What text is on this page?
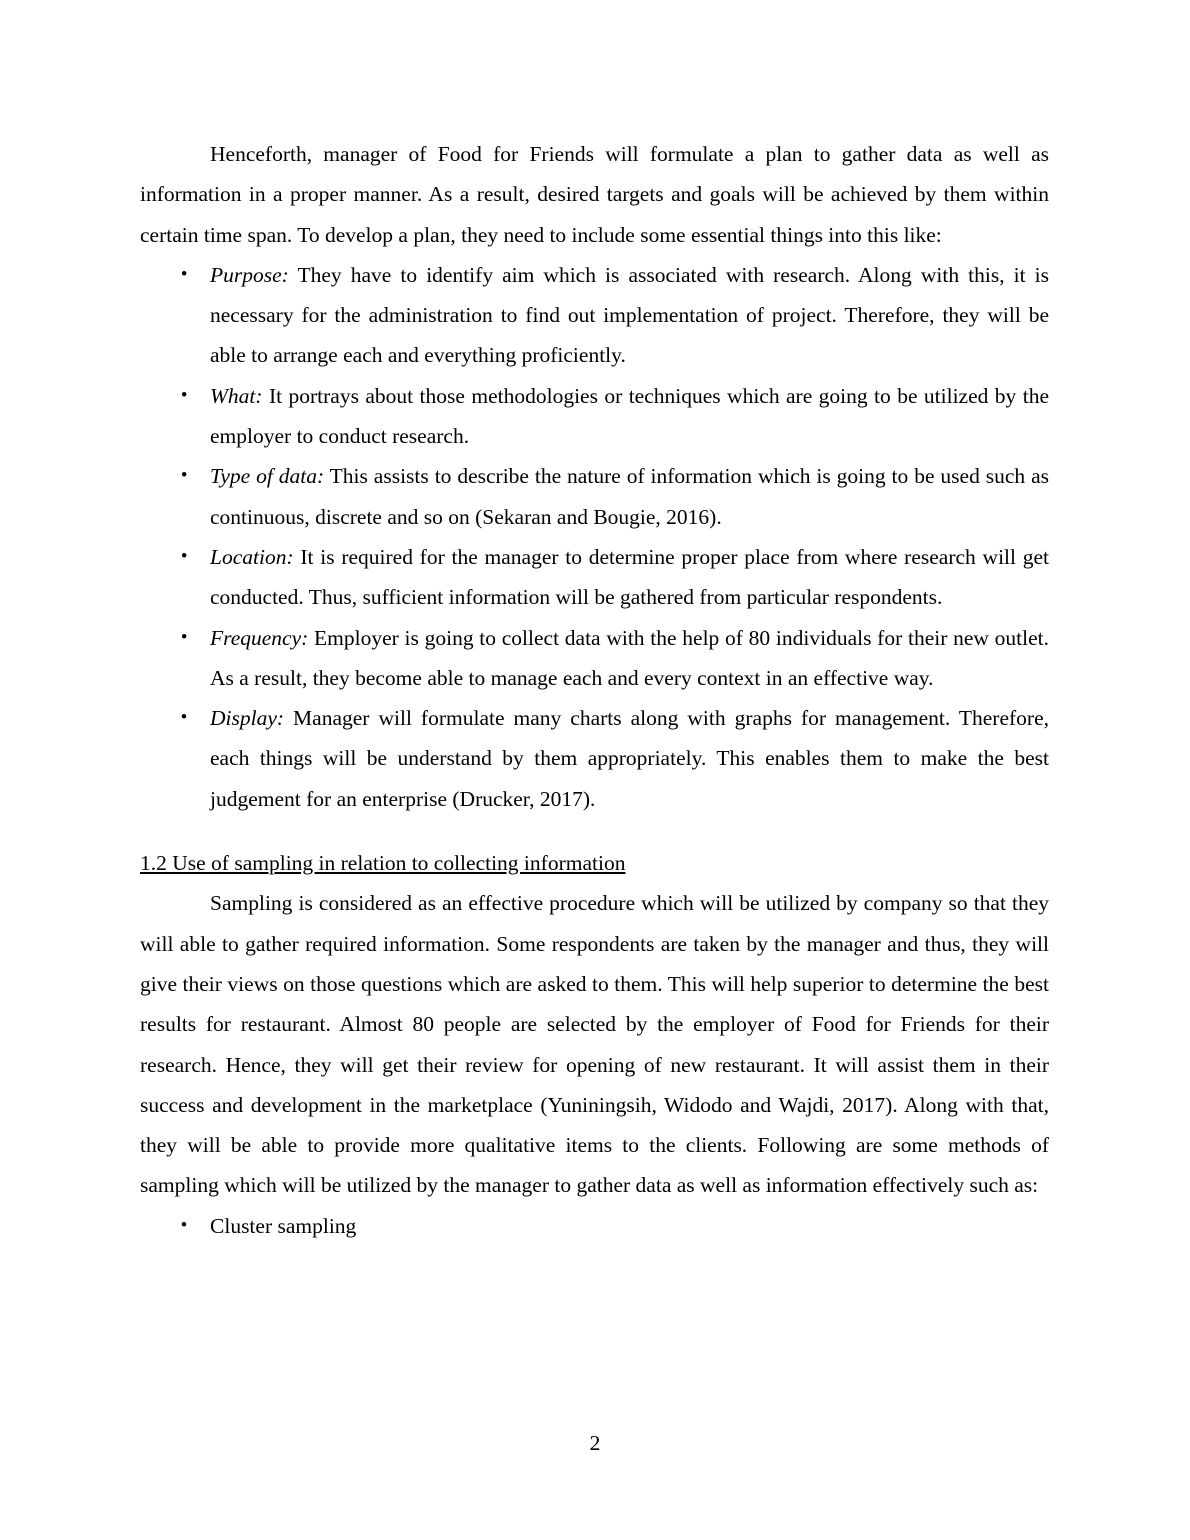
Henceforth, manager of Food for Friends will formulate a plan to gather data as well as information in a proper manner. As a result, desired targets and goals will be achieved by them within certain time span. To develop a plan, they need to include some essential things into this like:

•	Purpose: They have to identify aim which is associated with research. Along with this, it is necessary for the administration to find out implementation of project. Therefore, they will be able to arrange each and everything proficiently.
•	What: It portrays about those methodologies or techniques which are going to be utilized by the employer to conduct research.
•	Type of data: This assists to describe the nature of information which is going to be used such as continuous, discrete and so on (Sekaran and Bougie, 2016).
•	Location: It is required for the manager to determine proper place from where research will get conducted. Thus, sufficient information will be gathered from particular respondents.
•	Frequency: Employer is going to collect data with the help of 80 individuals for their new outlet. As a result, they become able to manage each and every context in an effective way.
•	Display: Manager will formulate many charts along with graphs for management. Therefore, each things will be understand by them appropriately. This enables them to make the best judgement for an enterprise (Drucker, 2017).
1.2 Use of sampling in relation to collecting information

Sampling is considered as an effective procedure which will be utilized by company so that they will able to gather required information. Some respondents are taken by the manager and thus, they will give their views on those questions which are asked to them. This will help superior to determine the best results for restaurant. Almost 80 people are selected by the employer of Food for Friends for their research. Hence, they will get their review for opening of new restaurant. It will assist them in their success and development in the marketplace (Yuniningsih, Widodo and Wajdi, 2017). Along with that, they will be able to provide more qualitative items to the clients. Following are some methods of sampling which will be utilized by the manager to gather data as well as information effectively such as:

•	Cluster sampling
2
